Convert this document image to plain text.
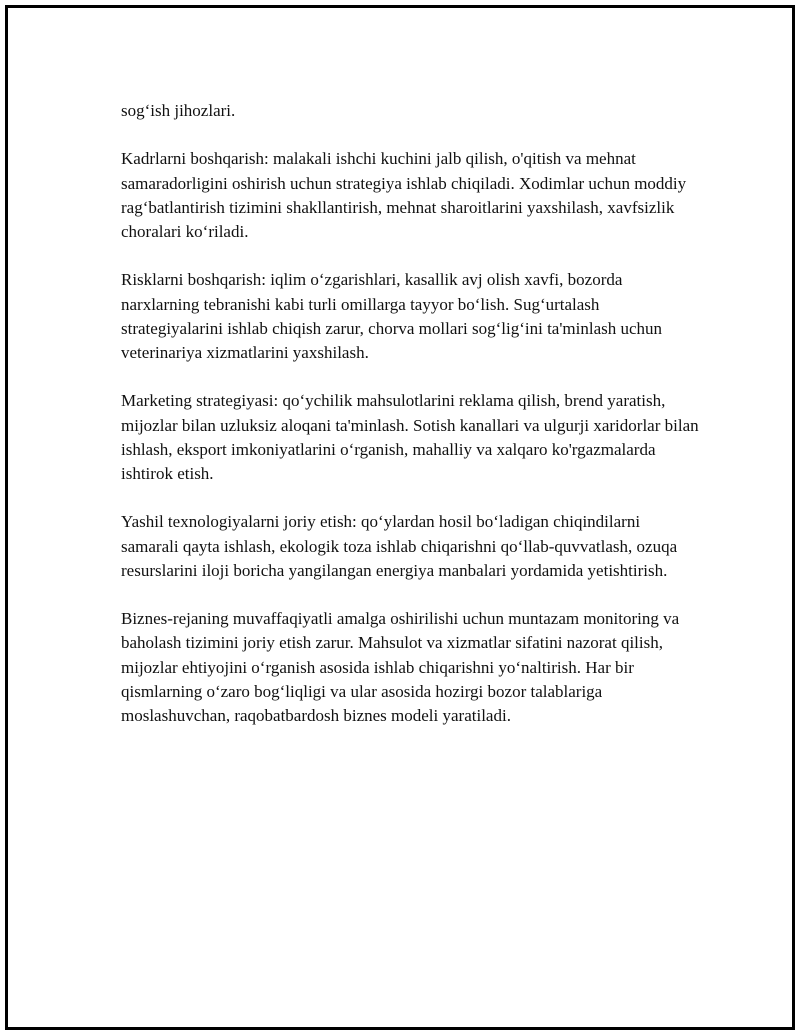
sog‘ish jihozlari.

Kadrlarni boshqarish: malakali ishchi kuchini jalb qilish, o'qitish va mehnat samaradorligini oshirish uchun strategiya ishlab chiqiladi. Xodimlar uchun moddiy rag‘batlantirish tizimini shakllantirish, mehnat sharoitlarini yaxshilash, xavfsizlik choralari ko‘riladi.

Risklarni boshqarish: iqlim o‘zgarishlari, kasallik avj olish xavfi, bozorda narxlarning tebranishi kabi turli omillarga tayyor bo‘lish. Sug‘urtalash strategiyalarini ishlab chiqish zarur, chorva mollari sog‘lig‘ini ta'minlash uchun veterinariya xizmatlarini yaxshilash.

Marketing strategiyasi: qo‘ychilik mahsulotlarini reklama qilish, brend yaratish, mijozlar bilan uzluksiz aloqani ta'minlash. Sotish kanallari va ulgurji xaridorlar bilan ishlash, eksport imkoniyatlarini o‘rganish, mahalliy va xalqaro ko'rgazmalarda ishtirok etish.

Yashil texnologiyalarni joriy etish: qo‘ylardan hosil bo‘ladigan chiqindilarni samarali qayta ishlash, ekologik toza ishlab chiqarishni qo‘llab-quvvatlash, ozuqa resurslarini iloji boricha yangilangan energiya manbalari yordamida yetishtirish.

Biznes-rejaning muvaffaqiyatli amalga oshirilishi uchun muntazam monitoring va baholash tizimini joriy etish zarur. Mahsulot va xizmatlar sifatini nazorat qilish, mijozlar ehtiyojini o‘rganish asosida ishlab chiqarishni yo‘naltirish. Har bir qismlarning o‘zaro bog‘liqligi va ular asosida hozirgi bozor talablariga moslashuvchan, raqobatbardosh biznes modeli yaratiladi.
